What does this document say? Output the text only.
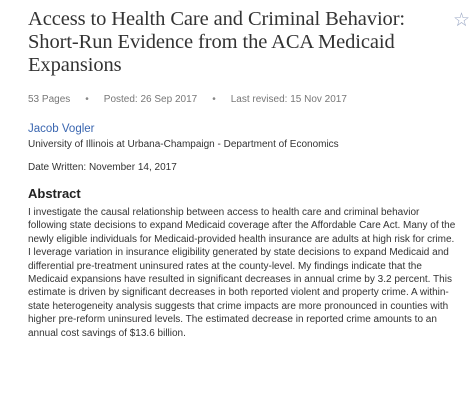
Access to Health Care and Criminal Behavior: Short-Run Evidence from the ACA Medicaid Expansions
☆
53 Pages • Posted: 26 Sep 2017 • Last revised: 15 Nov 2017
Jacob Vogler
University of Illinois at Urbana-Champaign - Department of Economics
Date Written: November 14, 2017
Abstract
I investigate the causal relationship between access to health care and criminal behavior following state decisions to expand Medicaid coverage after the Affordable Care Act. Many of the newly eligible individuals for Medicaid-provided health insurance are adults at high risk for crime. I leverage variation in insurance eligibility generated by state decisions to expand Medicaid and differential pre-treatment uninsured rates at the county-level. My findings indicate that the Medicaid expansions have resulted in significant decreases in annual crime by 3.2 percent. This estimate is driven by significant decreases in both reported violent and property crime. A within-state heterogeneity analysis suggests that crime impacts are more pronounced in counties with higher pre-reform uninsured levels. The estimated decrease in reported crime amounts to an annual cost savings of $13.6 billion.
